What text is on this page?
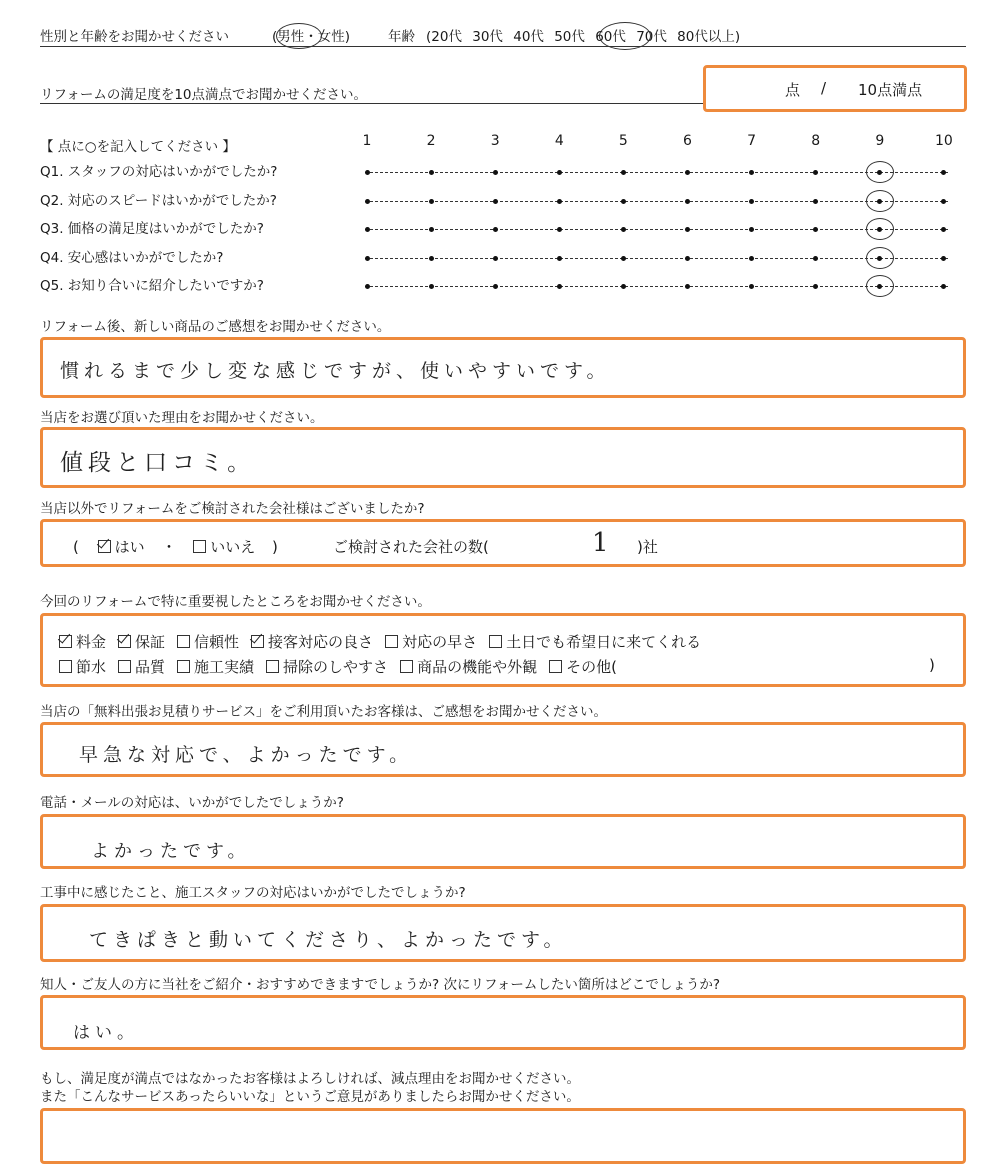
性別と年齢をお聞かせください	(男性・女性)	年齢 (20代 30代 40代 50代 60代 70代 80代以上)
リフォームの満足度を10点満点でお聞かせください。	点 / 10点満点
【 点に○を記入してください 】	1	2	3	4	5	6	7	8	9	10
Q1. スタッフの対応はいかがでしたか?
Q2. 対応のスピードはいかがでしたか?
Q3. 価格の満足度はいかがでしたか?
Q4. 安心感はいかがでしたか?
Q5. お知り合いに紹介したいですか?
リフォーム後、新しい商品のご感想をお聞かせください。
慣れるまで少し変な感じですが、使いやすいです。
当店をお選び頂いた理由をお聞かせください。
値段と口コミ。
当店以外でリフォームをご検討された会社様はございましたか?
( はい ・ いいえ )	ご検討された会社の数(	1 )社
今回のリフォームで特に重要視したところをお聞かせください。
料金 保証 信頼性 接客対応の良さ 対応の早さ 土日でも希望日に来てくれる
節水 品質 施工実績 掃除のしやすさ 商品の機能や外観 その他(	)
当店の「無料出張お見積りサービス」をご利用頂いたお客様は、ご感想をお聞かせください。
早急な対応で、よかったです。
電話・メールの対応は、いかがでしたでしょうか?
よかったです。
工事中に感じたこと、施工スタッフの対応はいかがでしたでしょうか?
てきぱきと動いてくださり、よかったです。
知人・ご友人の方に当社をご紹介・おすすめできますでしょうか? 次にリフォームしたい箇所はどこでしょうか?
はい。
もし、満足度が満点ではなかったお客様はよろしければ、減点理由をお聞かせください。
また「こんなサービスあったらいいな」というご意見がありましたらお聞かせください。
